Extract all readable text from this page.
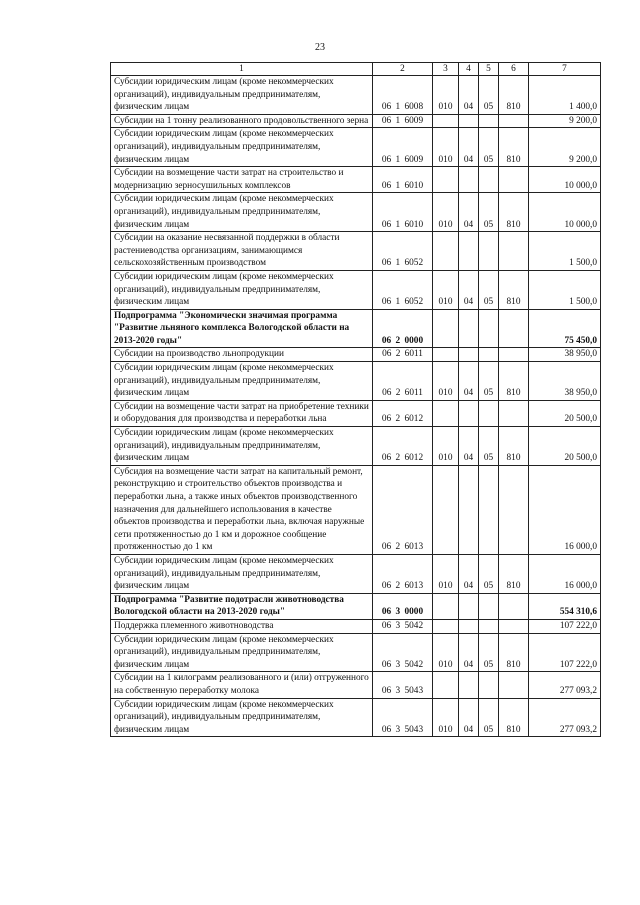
23
1	2	3	4	5	6	7
Субсидии юридическим лицам (кроме некоммерческих организаций), индивидуальным предпринимателям, физическим лицам	06 1 6008	010	04	05	810	1 400,0
Субсидии на 1 тонну реализованного продовольственного зерна	06 1 6009					9 200,0
Субсидии юридическим лицам (кроме некоммерческих организаций), индивидуальным предпринимателям, физическим лицам	06 1 6009	010	04	05	810	9 200,0
Субсидии на возмещение части затрат на строительство и модернизацию зерносушильных комплексов	06 1 6010					10 000,0
Субсидии юридическим лицам (кроме некоммерческих организаций), индивидуальным предпринимателям, физическим лицам	06 1 6010	010	04	05	810	10 000,0
Субсидии на оказание несвязанной поддержки в области растениеводства организациям, занимающимся сельскохозяйственным производством	06 1 6052					1 500,0
Субсидии юридическим лицам (кроме некоммерческих организаций), индивидуальным предпринимателям, физическим лицам	06 1 6052	010	04	05	810	1 500,0
Подпрограмма "Экономически значимая программа "Развитие льняного комплекса Вологодской области на 2013-2020 годы"	06 2 0000					75 450,0
Субсидии на производство льнопродукции	06 2 6011					38 950,0
Субсидии юридическим лицам (кроме некоммерческих организаций), индивидуальным предпринимателям, физическим лицам	06 2 6011	010	04	05	810	38 950,0
Субсидии на возмещение части затрат на приобретение техники и оборудования для производства и переработки льна	06 2 6012					20 500,0
Субсидии юридическим лицам (кроме некоммерческих организаций), индивидуальным предпринимателям, физическим лицам	06 2 6012	010	04	05	810	20 500,0
Субсидия на возмещение части затрат на капитальный ремонт, реконструкцию и строительство объектов производства и переработки льна, а также иных объектов производственного назначения для дальнейшего использования в качестве объектов производства и переработки льна, включая наружные сети протяженностью до 1 км и дорожное сообщение протяженностью до 1 км	06 2 6013					16 000,0
Субсидии юридическим лицам (кроме некоммерческих организаций), индивидуальным предпринимателям, физическим лицам	06 2 6013	010	04	05	810	16 000,0
Подпрограмма "Развитие подотрасли животноводства Вологодской области на 2013-2020 годы"	06 3 0000					554 310,6
Поддержка племенного животноводства	06 3 5042					107 222,0
Субсидии юридическим лицам (кроме некоммерческих организаций), индивидуальным предпринимателям, физическим лицам	06 3 5042	010	04	05	810	107 222,0
Субсидии на 1 килограмм реализованного и (или) отгруженного на собственную переработку молока	06 3 5043					277 093,2
Субсидии юридическим лицам (кроме некоммерческих организаций), индивидуальным предпринимателям, физическим лицам	06 3 5043	010	04	05	810	277 093,2
